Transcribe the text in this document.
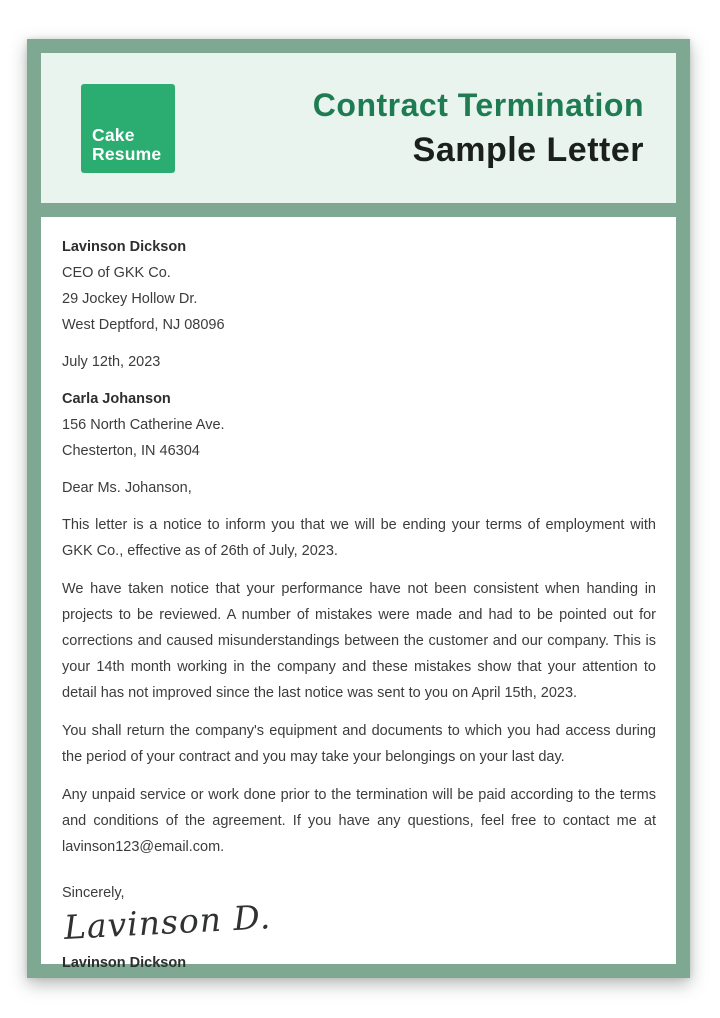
Cake
Resume
Contract Termination
Sample Letter
Lavinson Dickson
CEO of GKK Co.
29 Jockey Hollow Dr.
West Deptford, NJ 08096
July 12th, 2023
Carla Johanson
156 North Catherine Ave.
Chesterton, IN 46304
Dear Ms. Johanson,

This letter is a notice to inform you that we will be ending your terms of employment with GKK Co., effective as of 26th of July, 2023.

We have taken notice that your performance have not been consistent when handing in projects to be reviewed. A number of mistakes were made and had to be pointed out for corrections and caused misunderstandings between the customer and our company. This is your 14th month working in the company and these mistakes show that your attention to detail has not improved since the last notice was sent to you on April 15th, 2023.

You shall return the company's equipment and documents to which you had access during the period of your contract and you may take your belongings on your last day.

Any unpaid service or work done prior to the termination will be paid according to the terms and conditions of the agreement. If you have any questions, feel free to contact me at lavinson123@email.com.

Sincerely,
Lavinson D.
Lavinson Dickson
